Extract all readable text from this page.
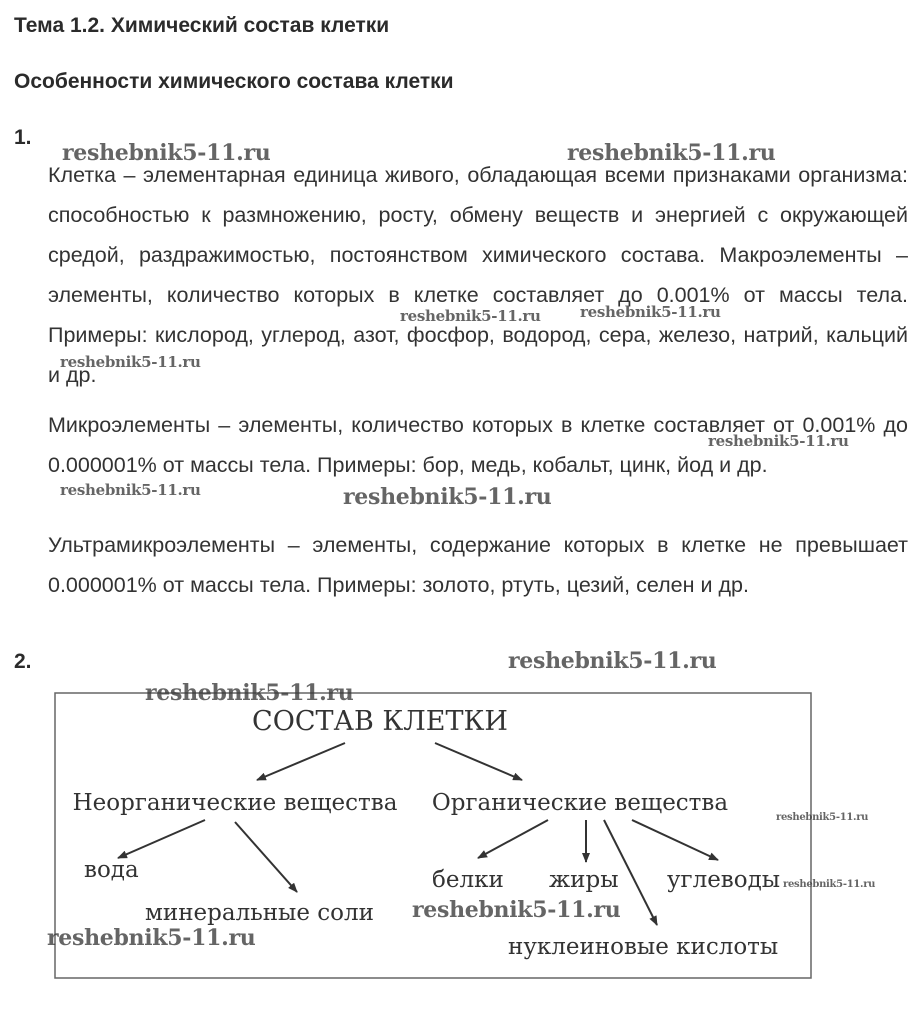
Тема 1.2. Химический состав клетки
Особенности химического состава клетки
1.

Клетка – элементарная единица живого, обладающая всеми признаками организма: способностью к размножению, росту, обмену веществ и энергией с окружающей средой, раздражимостью, постоянством химического состава. Макроэлементы – элементы, количество которых в клетке составляет до 0.001% от массы тела. Примеры: кислород, углерод, азот, фосфор, водород, сера, железо, натрий, кальций и др.

Микроэлементы – элементы, количество которых в клетке составляет от 0.001% до 0.000001% от массы тела. Примеры: бор, медь, кобальт, цинк, йод и др.

Ультрамикроэлементы – элементы, содержание которых в клетке не превышает 0.000001% от массы тела. Примеры: золото, ртуть, цезий, селен и др.

2.
СОСТАВ КЛЕТКИ
Неорганические вещества Органические вещества
вода
минеральные соли
белки жиры углеводы
нуклеиновые кислоты
reshebnik5-11.ru	reshebnik5-11.ru
reshebnik5-11.ru	reshebnik5-11.ru
reshebnik5-11.ru
reshebnik5-11.ru
reshebnik5-11.ru	reshebnik5-11.ru
reshebnik5-11.ru
reshebnik5-11.ru
reshebnik5-11.ru
reshebnik5-11.ru
reshebnik5-11.ru
reshebnik5-11.ru
